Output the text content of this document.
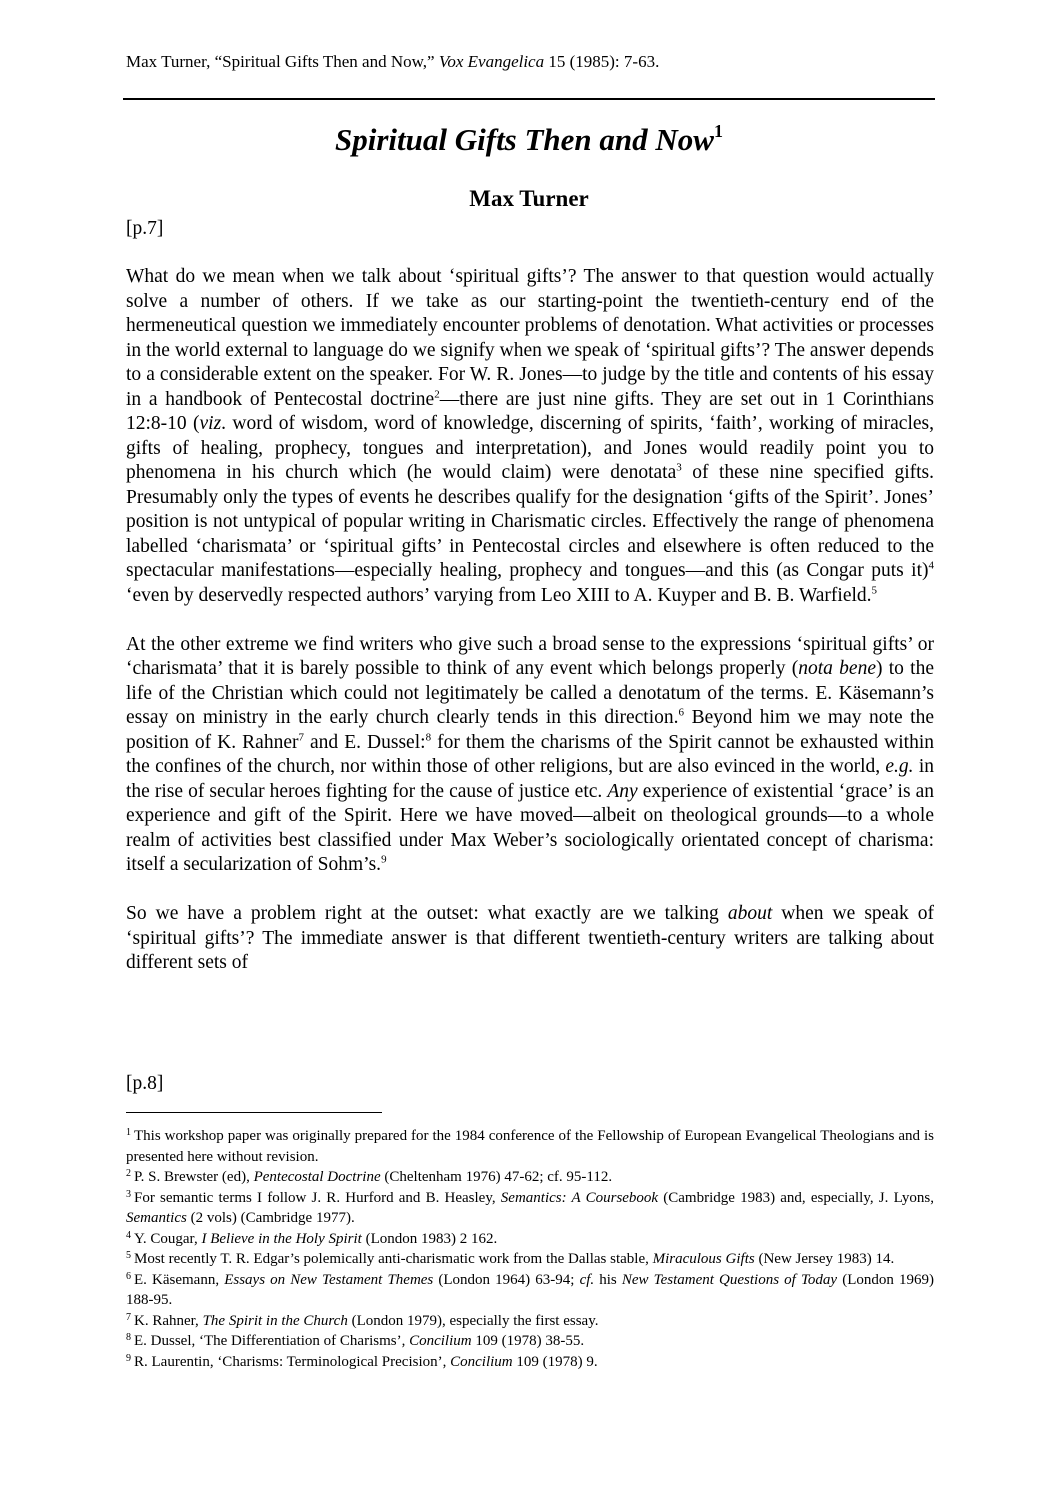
Max Turner, “Spiritual Gifts Then and Now,” Vox Evangelica 15 (1985): 7-63.
Spiritual Gifts Then and Now$^1$
Max Turner

[p.7]

What do we mean when we talk about ‘spiritual gifts’? The answer to that question would actually solve a number of others. If we take as our starting-point the twentieth-century end of the hermeneutical question we immediately encounter problems of denotation. What activities or processes in the world external to language do we signify when we speak of ‘spiritual gifts’? The answer depends to a considerable extent on the speaker. For W. R. Jones—to judge by the title and contents of his essay in a handbook of Pentecostal doctrine$^2$—there are just nine gifts. They are set out in 1 Corinthians 12:8-10 (viz. word of wisdom, word of knowledge, discerning of spirits, ‘faith’, working of miracles, gifts of healing, prophecy, tongues and interpretation), and Jones would readily point you to phenomena in his church which (he would claim) were denotata$^3$ of these nine specified gifts. Presumably only the types of events he describes qualify for the designation ‘gifts of the Spirit’. Jones’ position is not untypical of popular writing in Charismatic circles. Effectively the range of phenomena labelled ‘charismata’ or ‘spiritual gifts’ in Pentecostal circles and elsewhere is often reduced to the spectacular manifestations—especially healing, prophecy and tongues—and this (as Congar puts it)$^4$ ‘even by deservedly respected authors’ varying from Leo XIII to A. Kuyper and B. B. Warfield.$^5$

At the other extreme we find writers who give such a broad sense to the expressions ‘spiritual gifts’ or ‘charismata’ that it is barely possible to think of any event which belongs properly (nota bene) to the life of the Christian which could not legitimately be called a denotatum of the terms. E. Käsemann’s essay on ministry in the early church clearly tends in this direction.$^6$ Beyond him we may note the position of K. Rahner$^7$ and E. Dussel:$^8$ for them the charisms of the Spirit cannot be exhausted within the confines of the church, nor within those of other religions, but are also evinced in the world, e.g. in the rise of secular heroes fighting for the cause of justice etc. Any experience of existential ‘grace’ is an experience and gift of the Spirit. Here we have moved—albeit on theological grounds—to a whole realm of activities best classified under Max Weber’s sociologically orientated concept of charisma: itself a secularization of Sohm’s.$^9$

So we have a problem right at the outset: what exactly are we talking about when we speak of ‘spiritual gifts’? The immediate answer is that different twentieth-century writers are talking about different sets of

[p.8]

$^1$ This workshop paper was originally prepared for the 1984 conference of the Fellowship of European Evangelical Theologians and is presented here without revision.

$^2$ P. S. Brewster (ed), Pentecostal Doctrine (Cheltenham 1976) 47-62; cf. 95-112.

$^3$ For semantic terms I follow J. R. Hurford and B. Heasley, Semantics: A Coursebook (Cambridge 1983) and, especially, J. Lyons, Semantics (2 vols) (Cambridge 1977).

$^4$ Y. Cougar, I Believe in the Holy Spirit (London 1983) 2 162.

$^5$ Most recently T. R. Edgar’s polemically anti-charismatic work from the Dallas stable, Miraculous Gifts (New Jersey 1983) 14.

$^6$ E. Käsemann, Essays on New Testament Themes (London 1964) 63-94; cf. his New Testament Questions of Today (London 1969) 188-95.

$^7$ K. Rahner, The Spirit in the Church (London 1979), especially the first essay.

$^8$ E. Dussel, ‘The Differentiation of Charisms’, Concilium 109 (1978) 38-55.

$^9$ R. Laurentin, ‘Charisms: Terminological Precision’, Concilium 109 (1978) 9.
